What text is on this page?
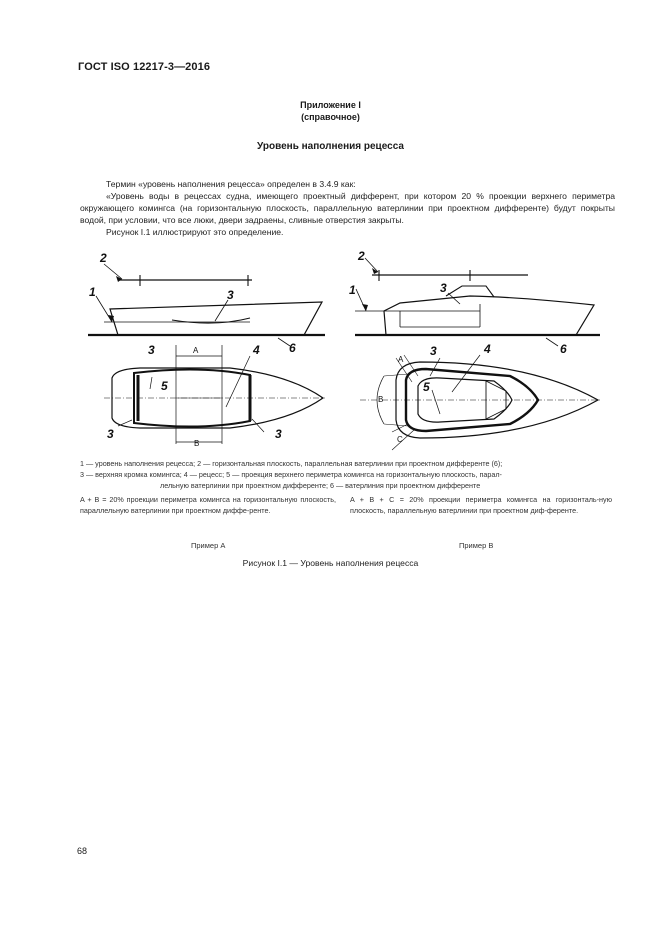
ГОСТ ISO 12217-3—2016
Приложение I
(справочное)
Уровень наполнения рецесса

Термин «уровень наполнения рецесса» определен в 3.4.9 как:

«Уровень воды в рецессах судна, имеющего проектный дифферент, при котором 20 % проекции верхнего периметра окружающего комингса (на горизонтальную плоскость, параллельную ватерлинии при проектном дифференте) будут покрыты водой, при условии, что все люки, двери задраены, сливные отверстия закрыты.

Рисунок I.1 иллюстрируют это определение.

2
1	3
6
3	4
5
3	3
2
1	3
6
3	4
5
A
B
A
B
C

1 — уровень наполнения рецесса; 2 — горизонтальная плоскость, параллельная ватерлинии при проектном дифференте (6);

3 — верхняя кромка комингса; 4 — рецесс; 5 — проекция верхнего периметра комингса на горизонтальную плоскость, парал-

лельную ватерлинии при проектном дифференте; 6 — ватерлиния при проектном дифференте

A + B = 20% проекции периметра комингса на горизонтальную плоскость, параллельную ватерлинии при проектном диффе-ренте.
A + B + C = 20% проекции периметра комингса на горизонталь-ную плоскость, параллельную ватерлинии при проектном диф-ференте.
Пример А	Пример В
Рисунок I.1 — Уровень наполнения рецесса
68
